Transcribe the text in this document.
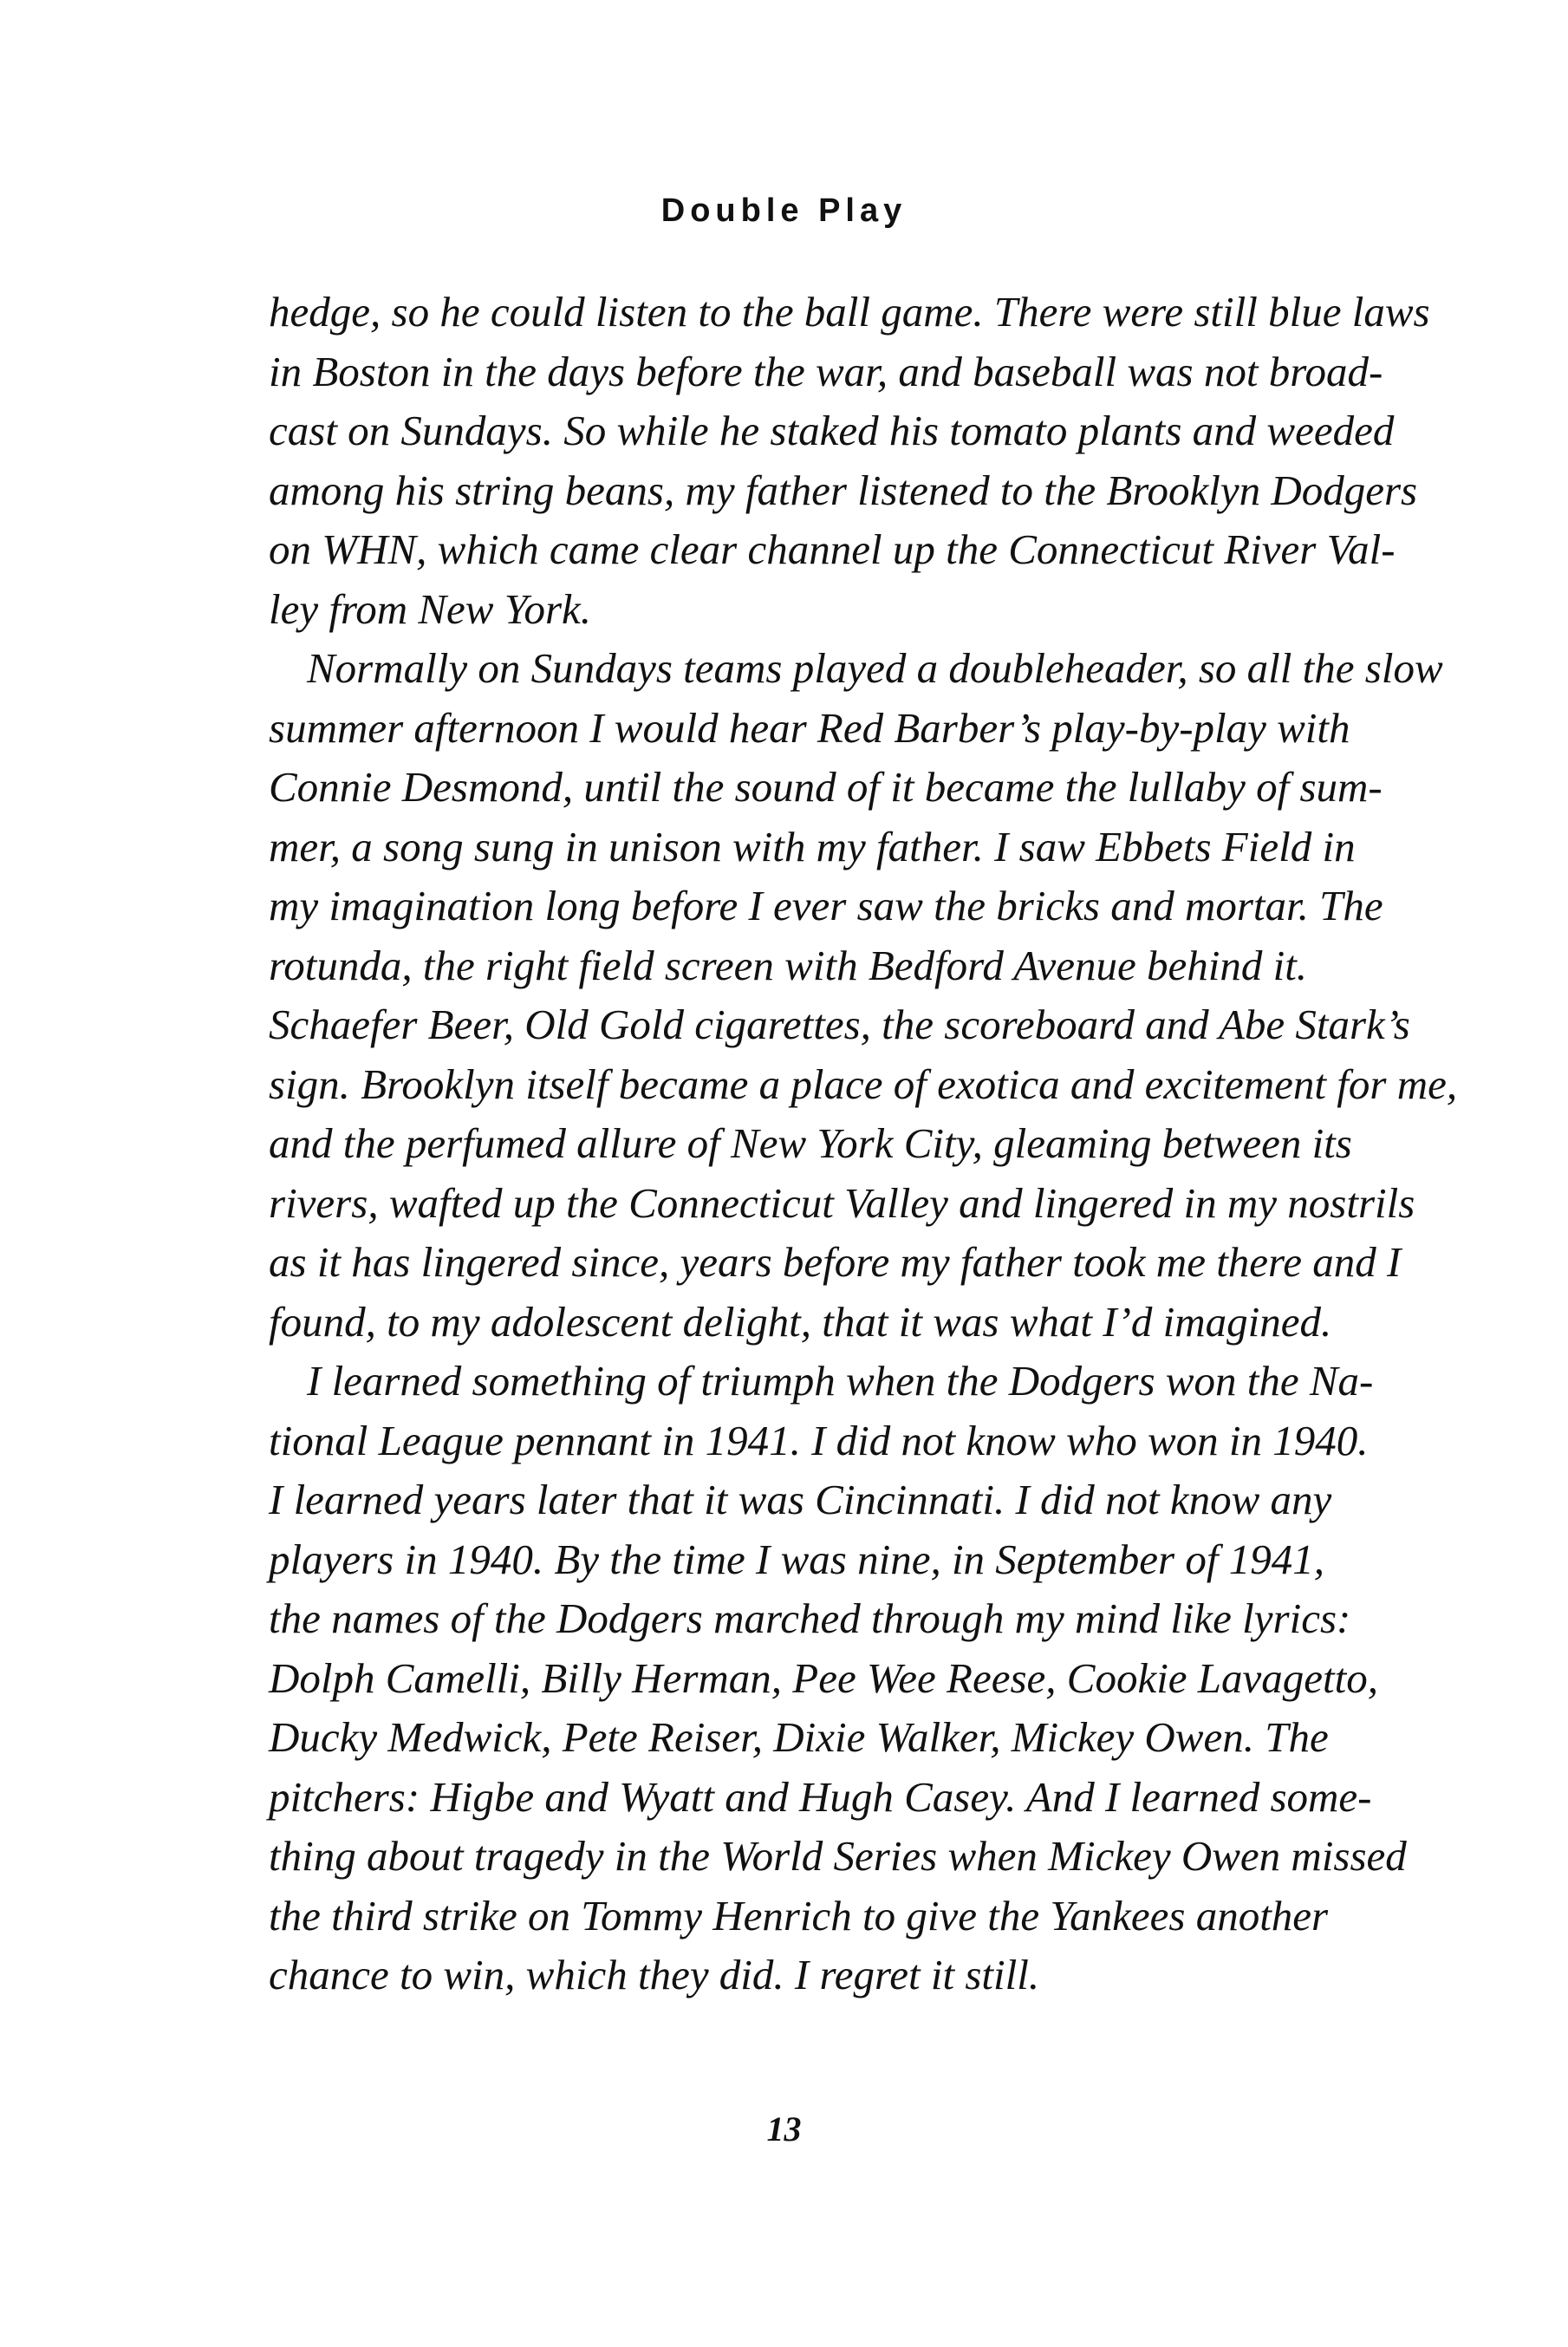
Double Play
hedge, so he could listen to the ball game. There were still blue laws
in Boston in the days before the war, and baseball was not broad-
cast on Sundays. So while he staked his tomato plants and weeded
among his string beans, my father listened to the Brooklyn Dodgers
on WHN, which came clear channel up the Connecticut River Val-
ley from New York.
Normally on Sundays teams played a doubleheader, so all the slow
summer afternoon I would hear Red Barber’s play-by-play with
Connie Desmond, until the sound of it became the lullaby of sum-
mer, a song sung in unison with my father. I saw Ebbets Field in
my imagination long before I ever saw the bricks and mortar. The
rotunda, the right field screen with Bedford Avenue behind it.
Schaefer Beer, Old Gold cigarettes, the scoreboard and Abe Stark’s
sign. Brooklyn itself became a place of exotica and excitement for me,
and the perfumed allure of New York City, gleaming between its
rivers, wafted up the Connecticut Valley and lingered in my nostrils
as it has lingered since, years before my father took me there and I
found, to my adolescent delight, that it was what I’d imagined.
I learned something of triumph when the Dodgers won the Na-
tional League pennant in 1941. I did not know who won in 1940.
I learned years later that it was Cincinnati. I did not know any
players in 1940. By the time I was nine, in September of 1941,
the names of the Dodgers marched through my mind like lyrics:
Dolph Camelli, Billy Herman, Pee Wee Reese, Cookie Lavagetto,
Ducky Medwick, Pete Reiser, Dixie Walker, Mickey Owen. The
pitchers: Higbe and Wyatt and Hugh Casey. And I learned some-
thing about tragedy in the World Series when Mickey Owen missed
the third strike on Tommy Henrich to give the Yankees another
chance to win, which they did. I regret it still.
13
